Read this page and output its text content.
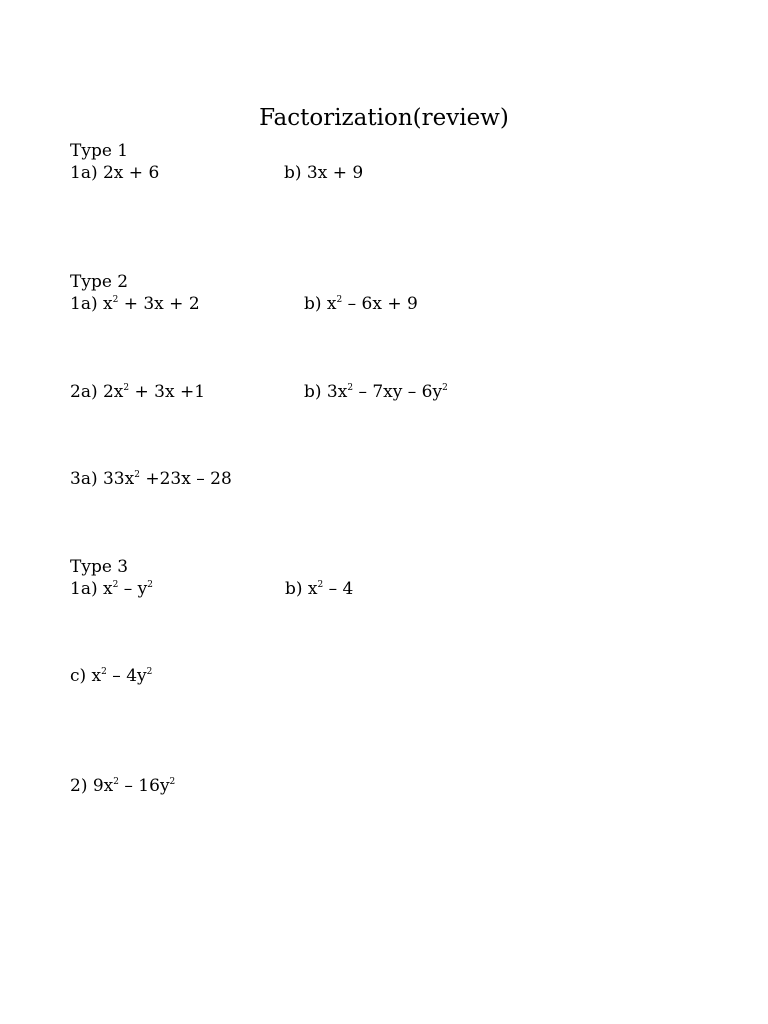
Factorization(review)
Type 1
1a) 2x + 6	b) 3x + 9
Type 2
1a) $x^2 + 3x + 2$	b) $x^2 - 6x + 9$
2a) $2x^2 + 3x +1$	b) $3x^2 - 7xy - 6y^2$
3a) $33x^2 +23x - 28$
Type 3
1a) $x^2 - y^2$	b) $x^2 - 4$
c) $x^2 - 4y^2$
2) $9x^2 - 16y^2$
